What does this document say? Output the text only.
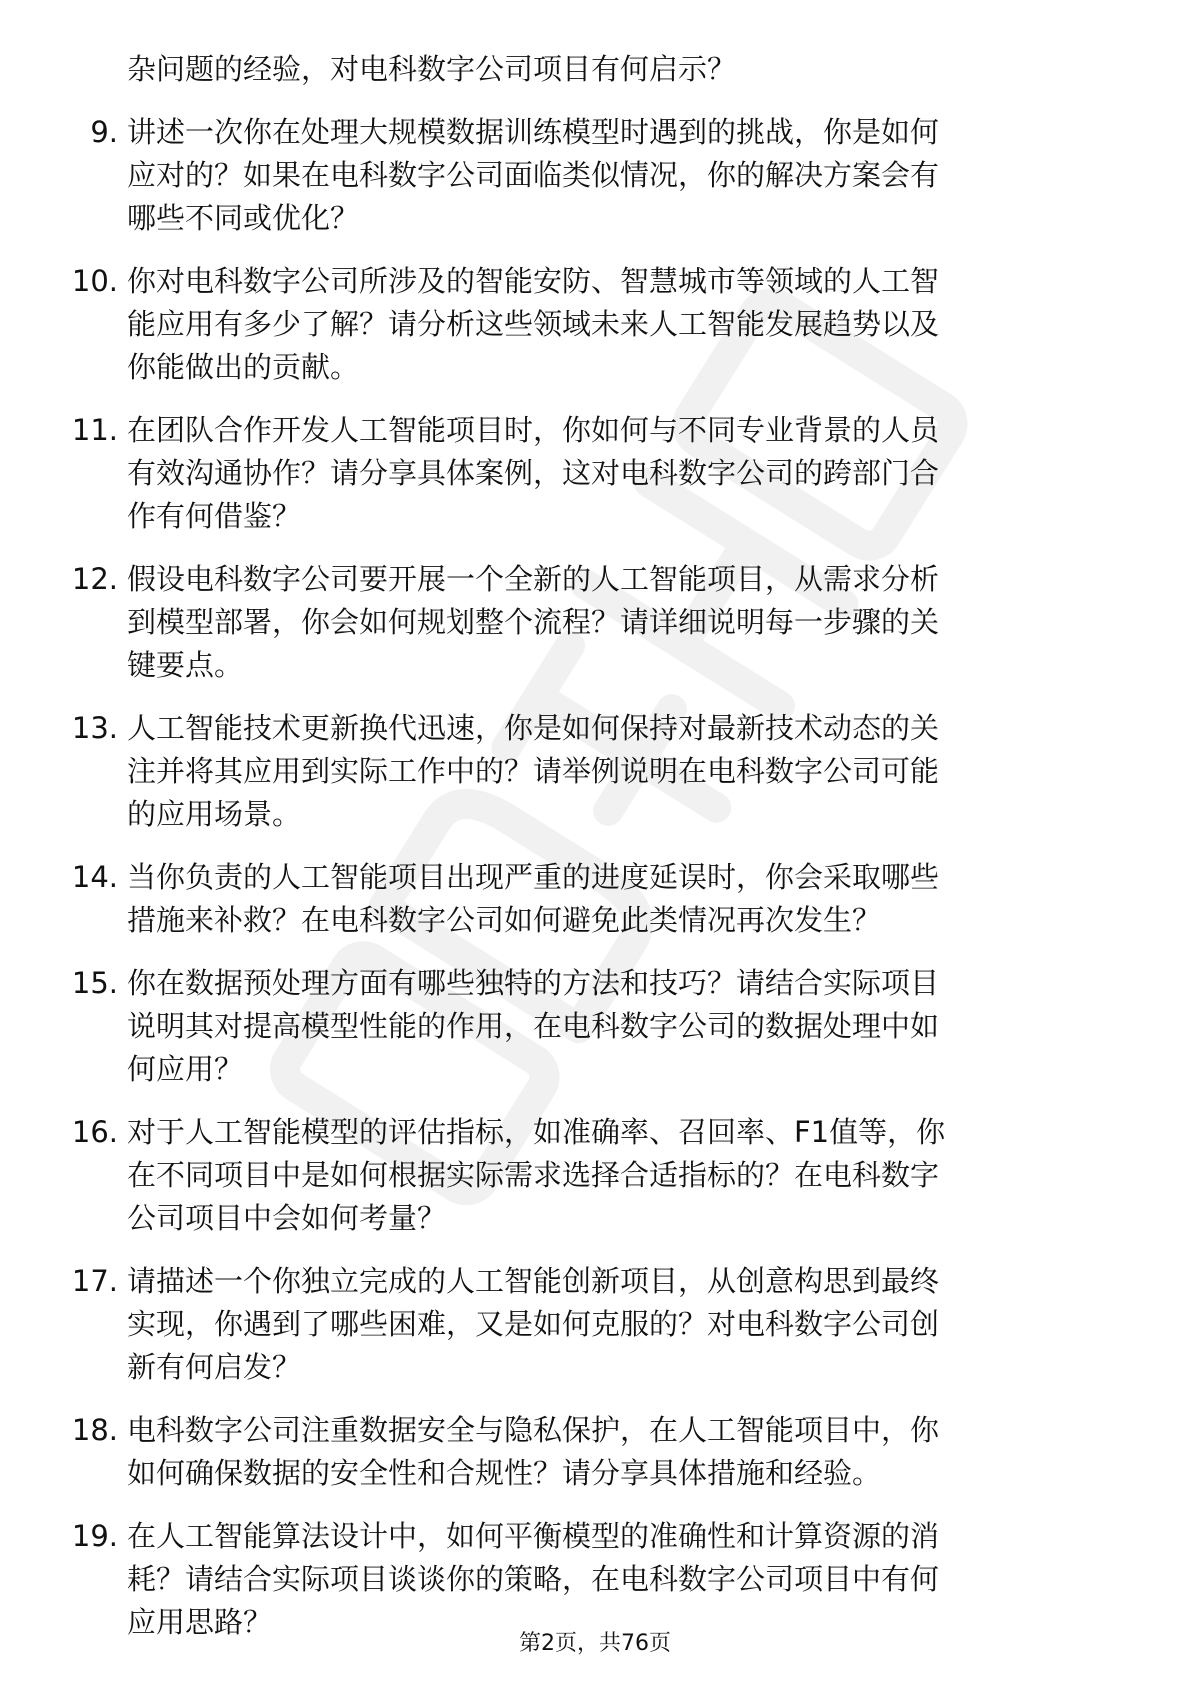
杂问题的经验，对电科数字公司项目有何启示？
9. 讲述一次你在处理大规模数据训练模型时遇到的挑战，你是如何
应对的？如果在电科数字公司面临类似情况，你的解决方案会有
哪些不同或优化？
10. 你对电科数字公司所涉及的智能安防、智慧城市等领域的人工智
能应用有多少了解？请分析这些领域未来人工智能发展趋势以及
你能做出的贡献。
11. 在团队合作开发人工智能项目时，你如何与不同专业背景的人员
有效沟通协作？请分享具体案例，这对电科数字公司的跨部门合
作有何借鉴？
12. 假设电科数字公司要开展一个全新的人工智能项目，从需求分析
到模型部署，你会如何规划整个流程？请详细说明每一步骤的关
键要点。
13. 人工智能技术更新换代迅速，你是如何保持对最新技术动态的关
注并将其应用到实际工作中的？请举例说明在电科数字公司可能
的应用场景。
14. 当你负责的人工智能项目出现严重的进度延误时，你会采取哪些
措施来补救？在电科数字公司如何避免此类情况再次发生？
15. 你在数据预处理方面有哪些独特的方法和技巧？请结合实际项目
说明其对提高模型性能的作用，在电科数字公司的数据处理中如
何应用？
16. 对于人工智能模型的评估指标，如准确率、召回率、F1值等，你
在不同项目中是如何根据实际需求选择合适指标的？在电科数字
公司项目中会如何考量？
17. 请描述一个你独立完成的人工智能创新项目，从创意构思到最终
实现，你遇到了哪些困难，又是如何克服的？对电科数字公司创
新有何启发？
18. 电科数字公司注重数据安全与隐私保护，在人工智能项目中，你
如何确保数据的安全性和合规性？请分享具体措施和经验。
19. 在人工智能算法设计中，如何平衡模型的准确性和计算资源的消
耗？请结合实际项目谈谈你的策略，在电科数字公司项目中有何
应用思路？
第2页，共76页
